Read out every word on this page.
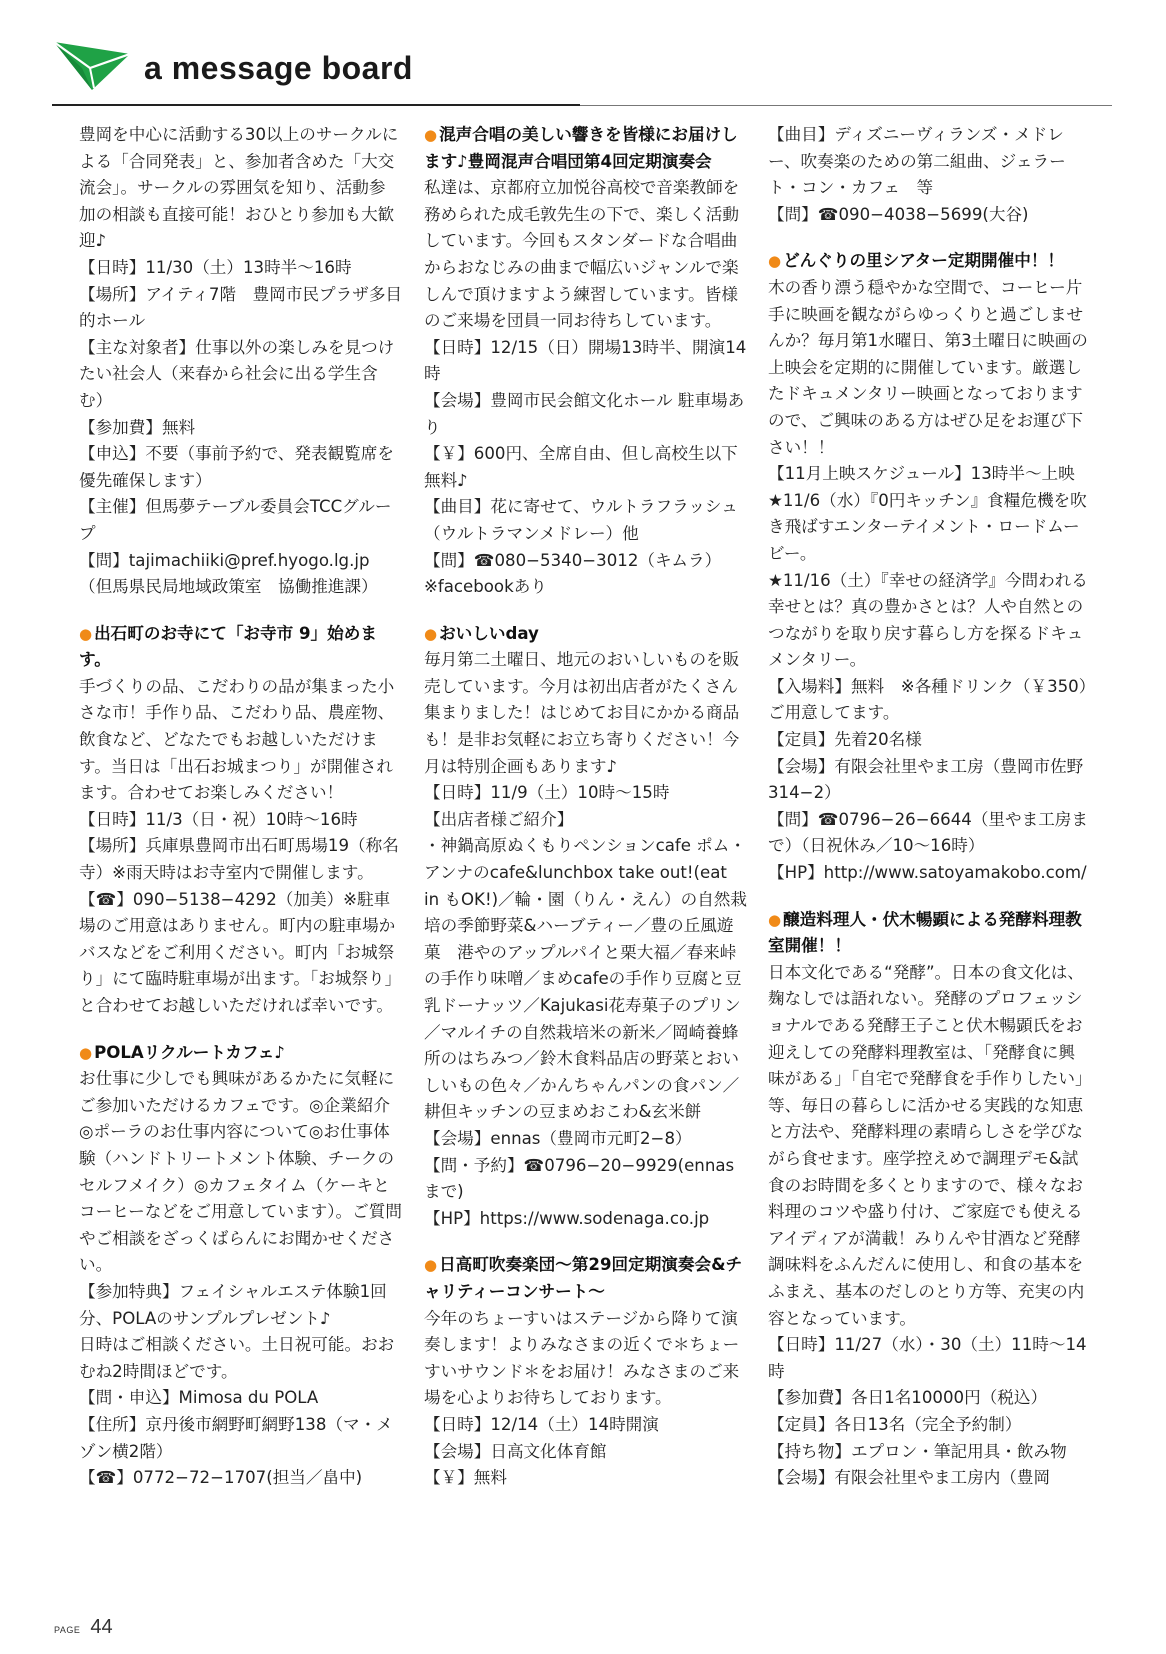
a message board
豊岡を中心に活動する30以上のサークルによる「合同発表」と、参加者含めた「大交流会」。サークルの雰囲気を知り、活動参加の相談も直接可能！おひとり参加も大歓迎♪
【日時】11/30（土）13時半〜16時
【場所】アイティ7階　豊岡市民プラザ多目的ホール
【主な対象者】仕事以外の楽しみを見つけたい社会人（来春から社会に出る学生含む）
【参加費】無料
【申込】不要（事前予約で、発表観覧席を優先確保します）
【主催】但馬夢テーブル委員会TCCグループ
【問】tajimachiiki@pref.hyogo.lg.jp（但馬県民局地域政策室　協働推進課）
● 出石町のお寺にて「お寺市 9」始めます。
手づくりの品、こだわりの品が集まった小さな市！手作り品、こだわり品、農産物、飲食など、どなたでもお越しいただけます。当日は「出石お城まつり」が開催されます。合わせてお楽しみください！
【日時】11/3（日・祝）10時〜16時
【場所】兵庫県豊岡市出石町馬場19（称名寺）※雨天時はお寺室内で開催します。
【☎】090−5138−4292（加美）※駐車場のご用意はありません。町内の駐車場かバスなどをご利用ください。町内「お城祭り」にて臨時駐車場が出ます。「お城祭り」と合わせてお越しいただければ幸いです。
● POLAリクルートカフェ♪
お仕事に少しでも興味があるかたに気軽にご参加いただけるカフェです。◎企業紹介◎ポーラのお仕事内容について◎お仕事体験（ハンドトリートメント体験、チークのセルフメイク）◎カフェタイム（ケーキとコーヒーなどをご用意しています）。ご質問やご相談をざっくばらんにお聞かせください。
【参加特典】フェイシャルエステ体験1回分、POLAのサンプルプレゼント♪
日時はご相談ください。土日祝可能。おおむね2時間ほどです。
【問・申込】Mimosa du POLA
【住所】京丹後市網野町網野138（マ・メゾン横2階）
【☎】0772−72−1707(担当／畠中)
● 混声合唱の美しい響きを皆様にお届けします♪豊岡混声合唱団第4回定期演奏会
私達は、京都府立加悦谷高校で音楽教師を務められた成毛敦先生の下で、楽しく活動しています。今回もスタンダードな合唱曲からおなじみの曲まで幅広いジャンルで楽しんで頂けますよう練習しています。皆様のご来場を団員一同お待ちしています。
【日時】12/15（日）開場13時半、開演14時
【会場】豊岡市民会館文化ホール 駐車場あり
【￥】600円、全席自由、但し高校生以下無料♪
【曲目】花に寄せて、ウルトラフラッシュ（ウルトラマンメドレー）他
【問】☎080−5340−3012（キムラ）※facebookあり
● おいしいday
毎月第二土曜日、地元のおいしいものを販売しています。今月は初出店者がたくさん集まりました！はじめてお目にかかる商品も！是非お気軽にお立ち寄りください！今月は特別企画もあります♪
【日時】11/9（土）10時〜15時
【出店者様ご紹介】
・神鍋高原ぬくもりペンションcafe ポム・アンナのcafe&lunchbox take out!(eat in もOK!)／輪・園（りん・えん）の自然栽培の季節野菜&ハーブティー／豊の丘風遊菓　港やのアップルパイと栗大福／春来峠の手作り味噌／まめcafeの手作り豆腐と豆乳ドーナッツ／Kajukasi花寿菓子のプリン／マルイチの自然栽培米の新米／岡崎養蜂所のはちみつ／鈴木食料品店の野菜とおいしいもの色々／かんちゃんパンの食パン／耕但キッチンの豆まめおこわ&玄米餅
【会場】ennas（豊岡市元町2−8）
【問・予約】☎0796−20−9929(ennasまで)
【HP】https://www.sodenaga.co.jp
● 日高町吹奏楽団〜第29回定期演奏会&チャリティーコンサート〜
今年のちょーすいはステージから降りて演奏します！よりみなさまの近くで＊ちょーすいサウンド＊をお届け！みなさまのご来場を心よりお待ちしております。
【日時】12/14（土）14時開演
【会場】日高文化体育館
【￥】無料
【曲目】ディズニーヴィランズ・メドレー、吹奏楽のための第二組曲、ジェラート・コン・カフェ　等
【問】☎090−4038−5699(大谷)
● どんぐりの里シアター定期開催中！！
木の香り漂う穏やかな空間で、コーヒー片手に映画を観ながらゆっくりと過ごしませんか？毎月第1水曜日、第3土曜日に映画の上映会を定期的に開催しています。厳選したドキュメンタリー映画となっておりますので、ご興味のある方はぜひ足をお運び下さい！！
【11月上映スケジュール】13時半〜上映
★11/6（水）『0円キッチン』食糧危機を吹き飛ばすエンターテイメント・ロードムービー。
★11/16（土）『幸せの経済学』今問われる幸せとは？真の豊かさとは？人や自然とのつながりを取り戻す暮らし方を探るドキュメンタリー。
【入場料】無料　※各種ドリンク（￥350）ご用意してます。
【定員】先着20名様
【会場】有限会社里やま工房（豊岡市佐野314−2）
【問】☎0796−26−6644（里やま工房まで）（日祝休み／10〜16時）
【HP】http://www.satoyamakobo.com/
● 醸造料理人・伏木暢顕による発酵料理教室開催！！
日本文化である“発酵”。日本の食文化は、麹なしでは語れない。発酵のプロフェッショナルである発酵王子こと伏木暢顕氏をお迎えしての発酵料理教室は、「発酵食に興味がある」「自宅で発酵食を手作りしたい」等、毎日の暮らしに活かせる実践的な知恵と方法や、発酵料理の素晴らしさを学びながら食せます。座学控えめで調理デモ&試食のお時間を多くとりますので、様々なお料理のコツや盛り付け、ご家庭でも使えるアイディアが満載！みりんや甘酒など発酵調味料をふんだんに使用し、和食の基本をふまえ、基本のだしのとり方等、充実の内容となっています。
【日時】11/27（水）・30（土）11時〜14時
【参加費】各日1名10000円（税込）
【定員】各日13名（完全予約制）
【持ち物】エプロン・筆記用具・飲み物
【会場】有限会社里やま工房内（豊岡
PAGE 44
